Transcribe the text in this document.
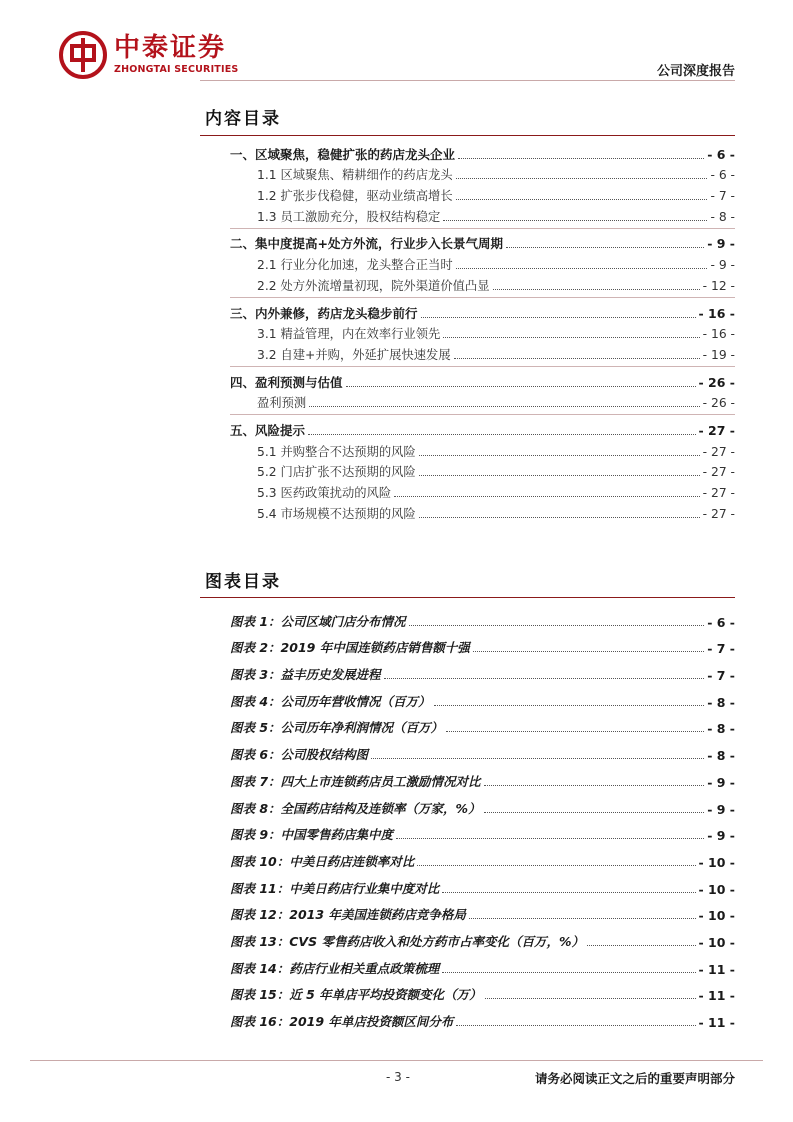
中泰证券
ZHONGTAI SECURITIES	公司深度报告
内容目录
一、区域聚焦，稳健扩张的药店龙头企业	- 6 -
1.1 区域聚焦、精耕细作的药店龙头	- 6 -
1.2 扩张步伐稳健，驱动业绩高增长	- 7 -
1.3 员工激励充分，股权结构稳定	- 8 -
二、集中度提高+处方外流，行业步入长景气周期	- 9 -
2.1 行业分化加速，龙头整合正当时	- 9 -
2.2 处方外流增量初现，院外渠道价值凸显	- 12 -
三、内外兼修，药店龙头稳步前行	- 16 -
3.1 精益管理，内在效率行业领先	- 16 -
3.2 自建+并购，外延扩展快速发展	- 19 -
四、盈利预测与估值	- 26 -
盈利预测	- 26 -
五、风险提示	- 27 -
5.1 并购整合不达预期的风险	- 27 -
5.2 门店扩张不达预期的风险	- 27 -
5.3 医药政策扰动的风险	- 27 -
5.4 市场规模不达预期的风险	- 27 -
图表目录
图表 1：公司区域门店分布情况	- 6 -
图表 2：2019 年中国连锁药店销售额十强	- 7 -
图表 3：益丰历史发展进程	- 7 -
图表 4：公司历年营收情况（百万）	- 8 -
图表 5：公司历年净利润情况（百万）	- 8 -
图表 6：公司股权结构图	- 8 -
图表 7：四大上市连锁药店员工激励情况对比	- 9 -
图表 8：全国药店结构及连锁率（万家，%）	- 9 -
图表 9：中国零售药店集中度	- 9 -
图表 10：中美日药店连锁率对比	- 10 -
图表 11：中美日药店行业集中度对比	- 10 -
图表 12：2013 年美国连锁药店竞争格局	- 10 -
图表 13：CVS 零售药店收入和处方药市占率变化（百万，%）	- 10 -
图表 14：药店行业相关重点政策梳理	- 11 -
图表 15：近 5 年单店平均投资额变化（万）	- 11 -
图表 16：2019 年单店投资额区间分布	- 11 -
- 3 -	请务必阅读正文之后的重要声明部分
